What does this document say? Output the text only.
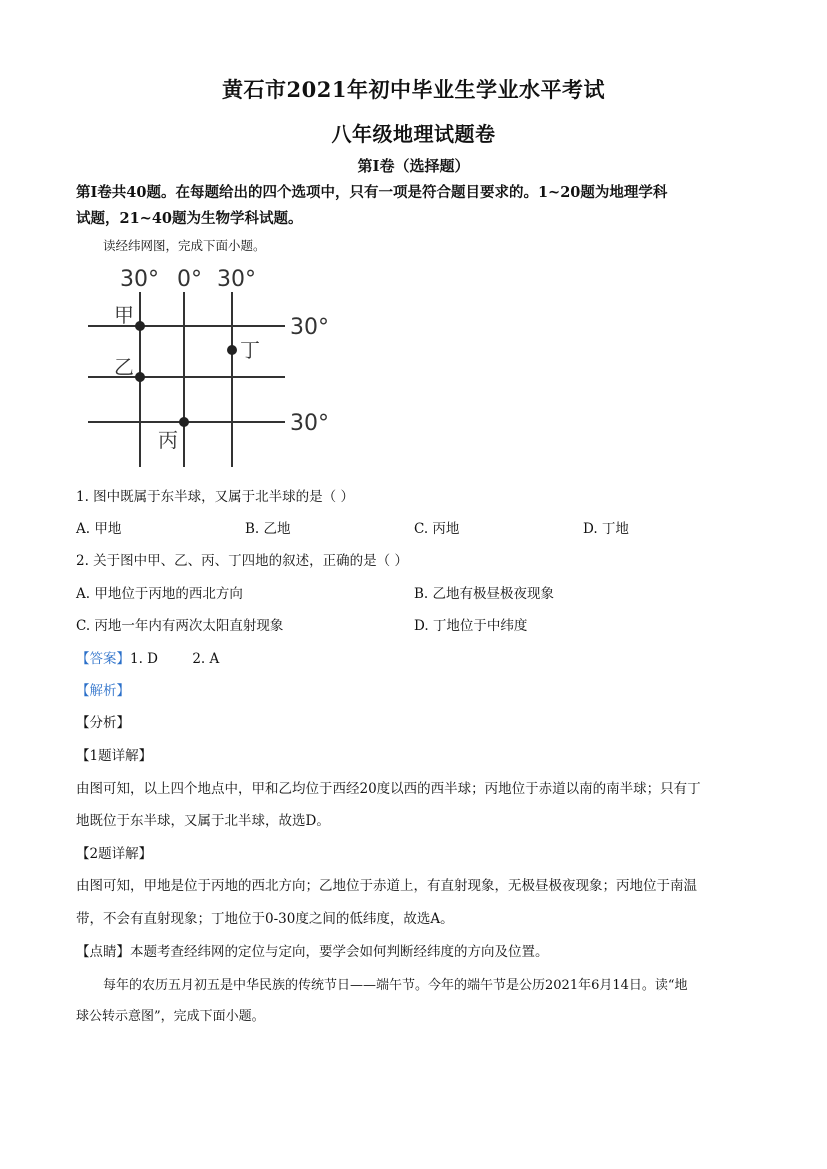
黄石市2021年初中毕业生学业水平考试
八年级地理试题卷
第Ⅰ卷（选择题）
第Ⅰ卷共40题。在每题给出的四个选项中，只有一项是符合题目要求的。1~20题为地理学科
试题，21~40题为生物学科试题。
读经纬网图，完成下面小题。
30° 0° 30°
30°
30°
甲
乙
丙
丁
1. 图中既属于东半球，又属于北半球的是（ ）
A. 甲地	B. 乙地	C. 丙地	D. 丁地
2. 关于图中甲、乙、丙、丁四地的叙述，正确的是（ ）
A. 甲地位于丙地的西北方向	B. 乙地有极昼极夜现象
C. 丙地一年内有两次太阳直射现象	D. 丁地位于中纬度
【答案】1. D        2. A
【解析】
【分析】
【1题详解】
由图可知，以上四个地点中，甲和乙均位于西经20度以西的西半球；丙地位于赤道以南的南半球；只有丁
地既位于东半球，又属于北半球，故选D。
【2题详解】
由图可知，甲地是位于丙地的西北方向；乙地位于赤道上，有直射现象，无极昼极夜现象；丙地位于南温
带，不会有直射现象；丁地位于0-30度之间的低纬度，故选A。
【点睛】本题考查经纬网的定位与定向，要学会如何判断经纬度的方向及位置。
每年的农历五月初五是中华民族的传统节日——端午节。今年的端午节是公历2021年6月14日。读“地
球公转示意图”，完成下面小题。
